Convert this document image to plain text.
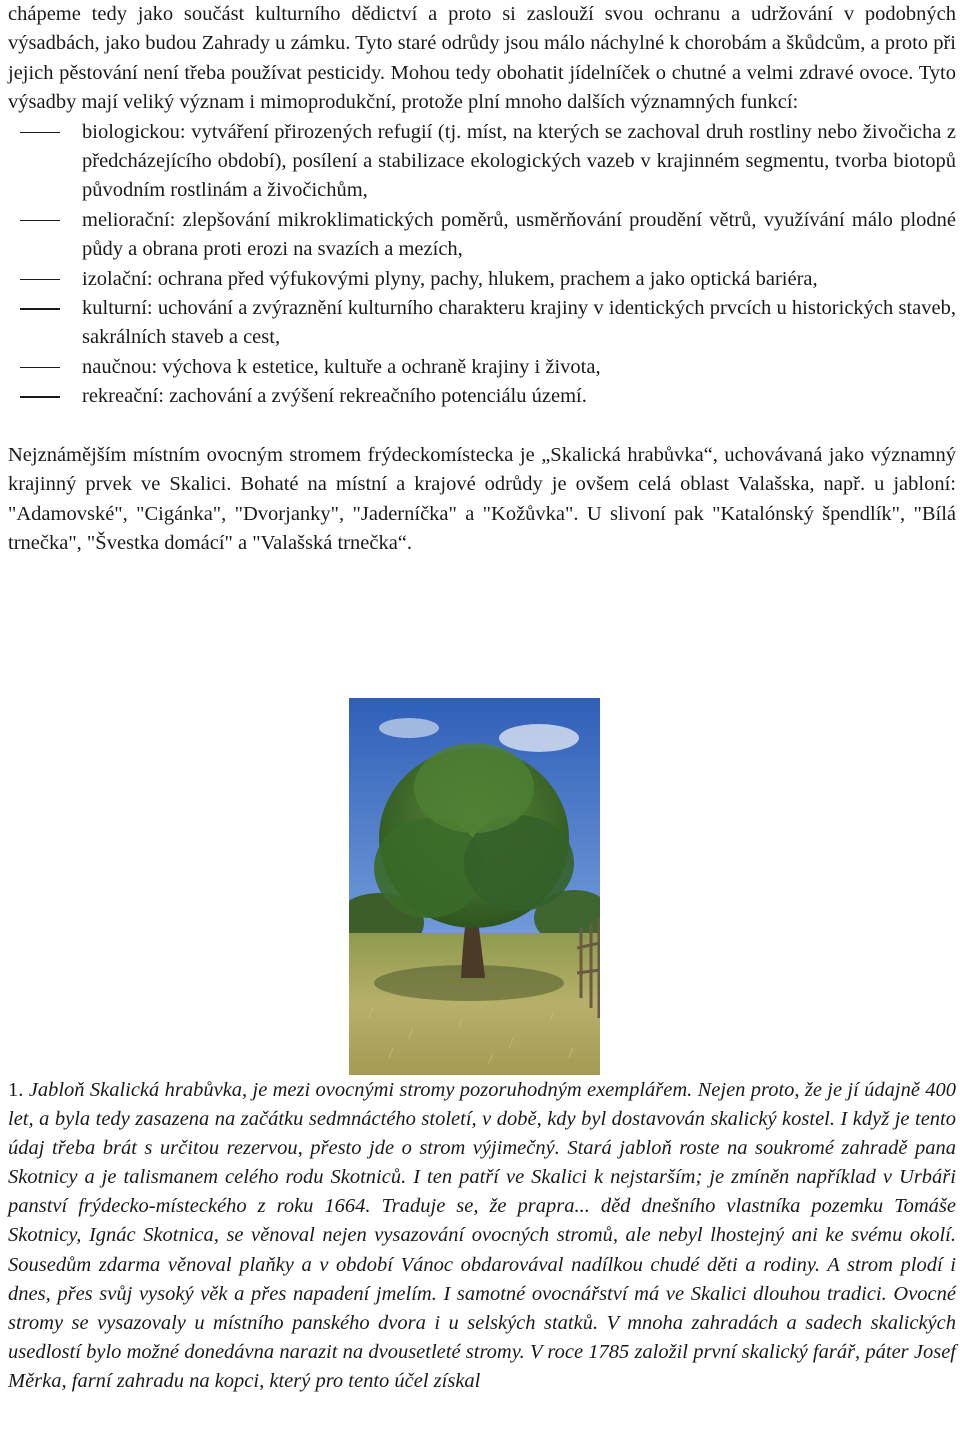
chápeme tedy jako součást kulturního dědictví a proto si zaslouží svou ochranu a udržování v podobných výsadbách, jako budou Zahrady u zámku. Tyto staré odrůdy jsou málo náchylné k chorobám a škůdcům, a proto při jejich pěstování není třeba používat pesticidy. Mohou tedy obohatit jídelníček o chutné a velmi zdravé ovoce. Tyto výsadby mají veliký význam i mimoprodukční, protože plní mnoho dalších významných funkcí:

biologickou: vytváření přirozených refugií (tj. míst, na kterých se zachoval druh rostliny nebo živočicha z předcházejícího období), posílení a stabilizace ekologických vazeb v krajinném segmentu, tvorba biotopů původním rostlinám a živočichům,
meliorační: zlepšování mikroklimatických poměrů, usměrňování proudění větrů, využívání málo plodné půdy a obrana proti erozi na svazích a mezích,
izolační: ochrana před výfukovými plyny, pachy, hlukem, prachem a jako optická bariéra,
kulturní: uchování a zvýraznění kulturního charakteru krajiny v identických prvcích u historických staveb, sakrálních staveb a cest,
naučnou: výchova k estetice, kultuře a ochraně krajiny i života,
rekreační: zachování a zvýšení rekreačního potenciálu území.

Nejznámějším místním ovocným stromem frýdeckomístecka je „Skalická hrabůvka“, uchovávaná jako významný krajinný prvek ve Skalici. Bohaté na místní a krajové odrůdy je ovšem celá oblast Valašska, např. u jabloní: "Adamovské", "Cigánka", "Dvorjanky", "Jaderníčka" a "Kožůvka". U slivoní pak "Katalónský špendlík", "Bílá trnečka", "Švestka domácí" a "Valašská trnečka“.

1. Jabloň Skalická hrabůvka, je mezi ovocnými stromy pozoruhodným exemplářem. Nejen proto, že je jí údajně 400 let, a byla tedy zasazena na začátku sedmnáctého století, v době, kdy byl dostavován skalický kostel. I když je tento údaj třeba brát s určitou rezervou, přesto jde o strom výjimečný. Stará jabloň roste na soukromé zahradě pana Skotnicy a je talismanem celého rodu Skotniců. I ten patří ve Skalici k nejstarším; je zmíněn například v Urbáři panství frýdecko-místeckého z roku 1664. Traduje se, že prapra... děd dnešního vlastníka pozemku Tomáše Skotnicy, Ignác Skotnica, se věnoval nejen vysazování ovocných stromů, ale nebyl lhostejný ani ke svému okolí. Sousedům zdarma věnoval plaňky a v období Vánoc obdarovával nadílkou chudé děti a rodiny. A strom plodí i dnes, přes svůj vysoký věk a přes napadení jmelím. I samotné ovocnářství má ve Skalici dlouhou tradici. Ovocné stromy se vysazovaly u místního panského dvora i u selských statků. V mnoha zahradách a sadech skalických usedlostí bylo možné donedávna narazit na dvousetleté stromy. V roce 1785 založil první skalický farář, páter Josef Měrka, farní zahradu na kopci, který pro tento účel získal
